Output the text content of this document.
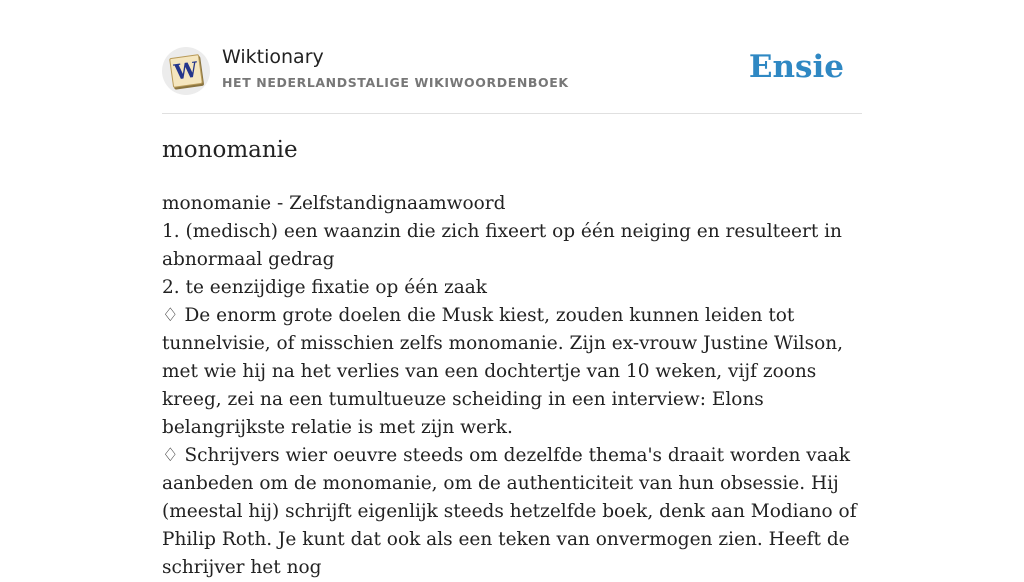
W Wiktionary
HET NEDERLANDSTALIGE WIKIWOORDENBOEK	Ensie
monomanie
monomanie - Zelfstandignaamwoord
1. (medisch) een waanzin die zich fixeert op één neiging en resulteert in abnormaal gedrag
2. te eenzijdige fixatie op één zaak
♢ De enorm grote doelen die Musk kiest, zouden kunnen leiden tot tunnelvisie, of misschien zelfs monomanie. Zijn ex-vrouw Justine Wilson, met wie hij na het verlies van een dochtertje van 10 weken, vijf zoons kreeg, zei na een tumultueuze scheiding in een interview: Elons belangrijkste relatie is met zijn werk.
♢ Schrijvers wier oeuvre steeds om dezelfde thema's draait worden vaak aanbeden om de monomanie, om de authenticiteit van hun obsessie. Hij (meestal hij) schrijft eigenlijk steeds hetzelfde boek, denk aan Modiano of Philip Roth. Je kunt dat ook als een teken van onvermogen zien. Heeft de schrijver het nog
